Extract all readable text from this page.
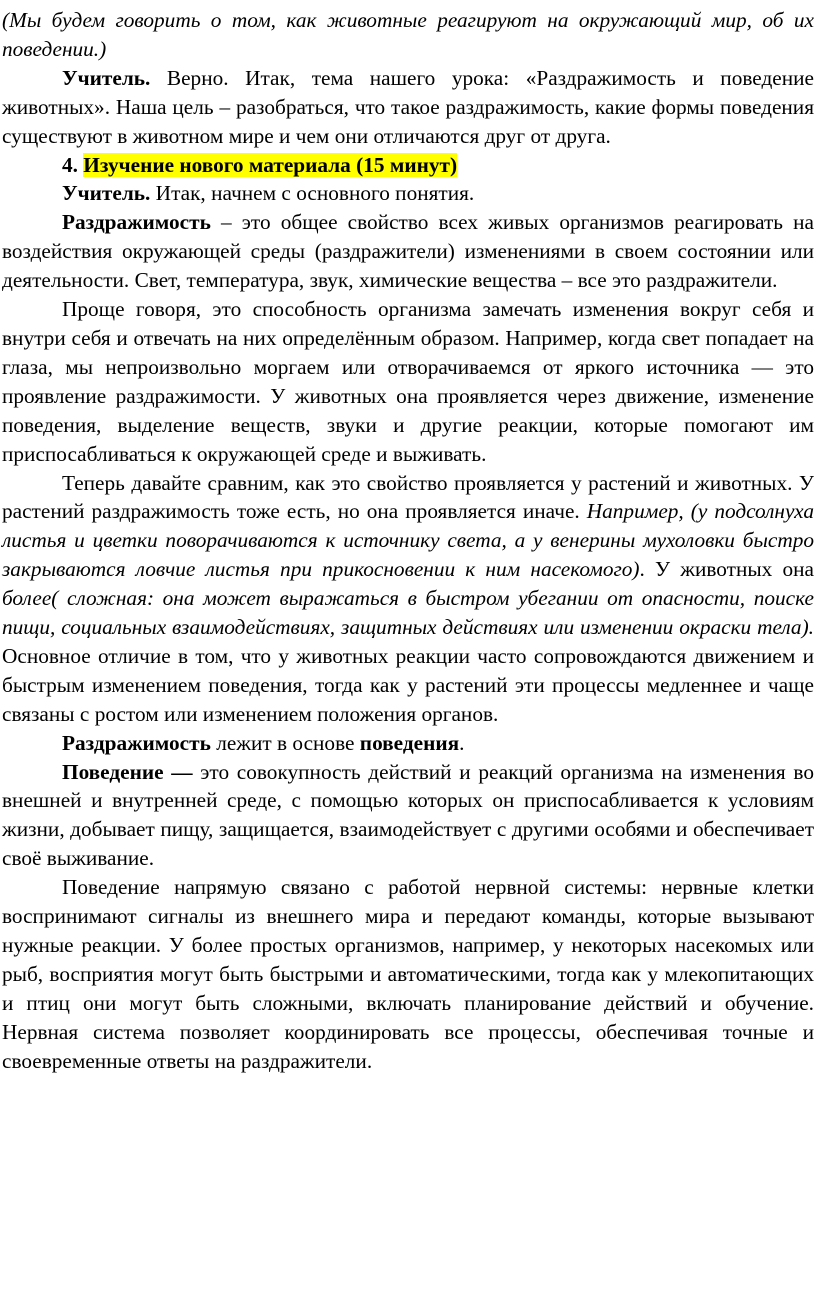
(Мы будем говорить о том, как животные реагируют на окружающий мир, об их поведении.)

Учитель. Верно. Итак, тема нашего урока: «Раздражимость и поведение животных». Наша цель – разобраться, что такое раздражимость, какие формы поведения существуют в животном мире и чем они отличаются друг от друга.

4. Изучение нового материала (15 минут)

Учитель. Итак, начнем с основного понятия.

Раздражимость – это общее свойство всех живых организмов реагировать на воздействия окружающей среды (раздражители) изменениями в своем состоянии или деятельности. Свет, температура, звук, химические вещества – все это раздражители.

Проще говоря, это способность организма замечать изменения вокруг себя и внутри себя и отвечать на них определённым образом. Например, когда свет попадает на глаза, мы непроизвольно моргаем или отворачиваемся от яркого источника — это проявление раздражимости. У животных она проявляется через движение, изменение поведения, выделение веществ, звуки и другие реакции, которые помогают им приспосабливаться к окружающей среде и выживать.

Теперь давайте сравним, как это свойство проявляется у растений и животных. У растений раздражимость тоже есть, но она проявляется иначе. Например, (у подсолнуха листья и цветки поворачиваются к источнику света, а у венерины мухоловки быстро закрываются ловчие листья при прикосновении к ним насекомого). У животных она более( сложная: она может выражаться в быстром убегании от опасности, поиске пищи, социальных взаимодействиях, защитных действиях или изменении окраски тела). Основное отличие в том, что у животных реакции часто сопровождаются движением и быстрым изменением поведения, тогда как у растений эти процессы медленнее и чаще связаны с ростом или изменением положения органов.

Раздражимость лежит в основе поведения.

Поведение — это совокупность действий и реакций организма на изменения во внешней и внутренней среде, с помощью которых он приспосабливается к условиям жизни, добывает пищу, защищается, взаимодействует с другими особями и обеспечивает своё выживание.

Поведение напрямую связано с работой нервной системы: нервные клетки воспринимают сигналы из внешнего мира и передают команды, которые вызывают нужные реакции. У более простых организмов, например, у некоторых насекомых или рыб, восприятия могут быть быстрыми и автоматическими, тогда как у млекопитающих и птиц они могут быть сложными, включать планирование действий и обучение. Нервная система позволяет координировать все процессы, обеспечивая точные и своевременные ответы на раздражители.
